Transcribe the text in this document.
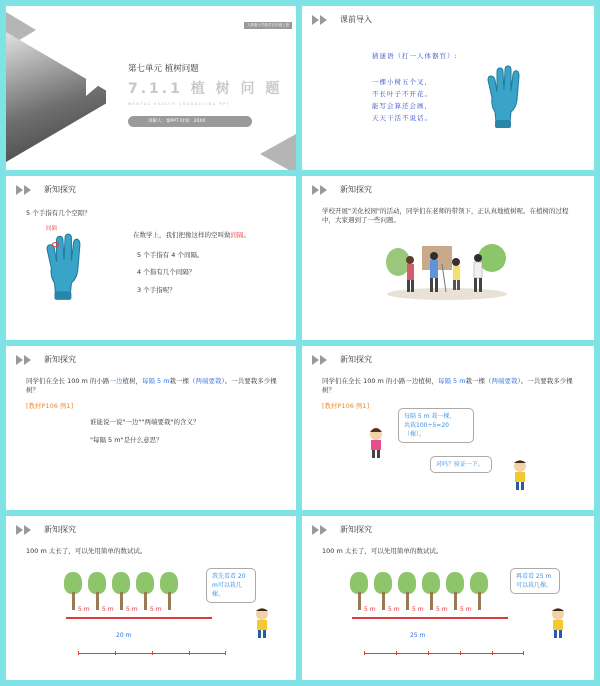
人教版小学数学五年级上册
第七单元 植树问题
7.1.1 植 树 问 题
MENTAL HEALTH COUNSELING PPT
讲解人：秦PPT 时间：20XX
课前导入
猜谜语（打一人体器官）:
一棵小树五个叉，
不长叶子不开花。
能写会算还会画，
天天干活不说话。
新知探究
5 个手指有几个空隙？
间隔
在数学上，我们把像这样的空叫做间隔。
5 个手指有 4 个间隔。
4 个指有几个间隔？
3 个手指呢？
新知探究
学校开展"美化校园"的活动，同学们在老师的带领下，正认真地植树呢。在植树的过程中，大家遇到了一些问题。
新知探究
同学们在全长 100 m 的小路一边植树，每隔 5 m栽一棵（两端要栽）。一共要栽多少棵树？
[教材P106 例1]
谁能说一说"一边""两端要栽"的含义？
"每隔 5 m"是什么意思？
新知探究
同学们在全长 100 m 的小路一边植树，每隔 5 m栽一棵（两端要栽）。一共要栽多少棵树？
[教材P106 例1]
每隔 5 m 栽一棵，
共栽100÷5=20（棵）。
对吗？验证一下。
新知探究
100 m 太长了，可以先用简单的数试试。
5 m 5 m 5 m 5 m
我先看看 20
m可以栽几棵。
20 m
新知探究
100 m 太长了，可以先用简单的数试试。
5 m 5 m 5 m 5 m 5 m
再看看 25 m
可以栽几棵。
25 m
